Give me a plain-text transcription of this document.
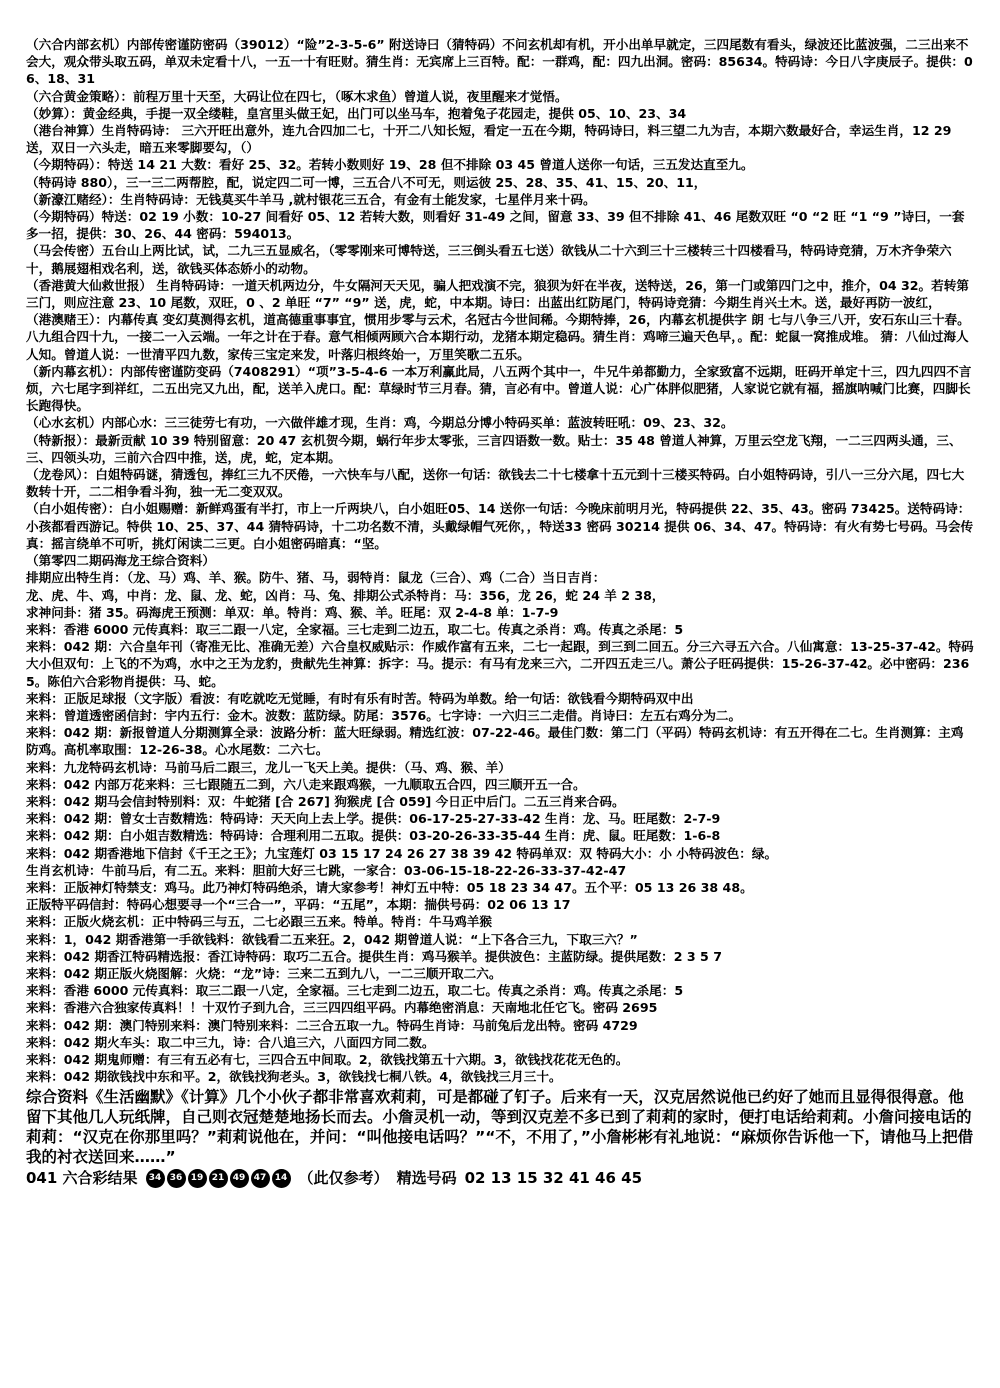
（六合内部玄机）内部传密谨防密码（39012）“险”2-3-5-6” 附送诗曰（猜特码）不问玄机却有机，开小出单早就定，三四尾数有看头，绿波还比蓝波强，二三出来不会大，观众带头取五码，单双未定看十八，一五一十有旺财。猜生肖：无宾席上三百特。配：一群鸡，配：四九出洞。密码：85634。特码诗：今日八字庚辰子。提供：06、18、31

（六合黄金策略）：前程万里十天至，大码让位在四七，（啄木求鱼）曾道人说，夜里醒来才觉悟。

（妙算）：黄金经典，手提一双全缕鞋，皇宫里头做王妃，出门可以坐马车，抱着兔子花园走，提供 05、10、23、34

（港台神算）生肖特码诗： 三六开旺出意外，连九合四加二七，十开二八知长短，看定一五在今期，特码诗曰，料三望二九为吉，本期六数最好合，幸运生肖，12 29 送，双日一六头走，暗五来零脚要勾，（）

（今期特码）：特送 14 21 大数：看好 25、32。若转小数则好 19、28 但不排除 03 45 曾道人送你一句话，三五发达直至九。

（特码诗 880），三一三二两帮腔，配，说定四二可一博，三五合八不可无，则运彼 25、28、35、41、15、20、11，

（新濠江赌经）：生肖特码诗：无钱莫买牛羊马 ,就村银花三五合，有金有土能发家，七星伴月来十码。

（今期特码）特送：02 19 小数：10-27 间看好 05、12 若转大数，则看好 31-49 之间，留意 33、39 但不排除 41、46 尾数双旺 “0 “2 旺 “1 “9 ”诗曰，一套多一招，提供：30、26、44 密码：594013。

（马会传密）五台山上两比试，试，二九三五显威名，（零零刚来可博特送，三三倒头看五七送）欲钱从二十六到三十三楼转三十四楼看马，特码诗竞猜，万木齐争荣六十，鹅展翅相戏名利，送，欲钱买体态娇小的动物。

（香港黄大仙救世报） 生肖特码诗：一道天机两边分，牛女隔河天天见，骗人把戏演不完，狼狈为奸在半夜，送特送，26，第一门或第四门之中，推介，04 32。若转第三门，则应注意 23、10 尾数，双旺，0 、2 单旺 “7” “9” 送，虎，蛇，中本期。诗曰：出蓝出红防尾门，特码诗竞猜：今期生肖兴土木。送，最好再防一波红，

（港澳赌王）：内幕传真 变幻莫测得玄机，道高德重事事宜，惯用步零与云术，名冠古今世间稀。今期特捧，26，内幕玄机提供字 朗 七与八争三八开，安石东山三十春。八九组合四十九，一接二一入云端。一年之计在于春。意气相倾两顾六合本期行动，龙猪本期定稳码。猜生肖：鸡啼三遍天色早，。配：蛇鼠一窝推成堆。 猜：八仙过海人人知。曾道人说：一世清平四九数，家传三宝定来发，叶落归根终始一，万里笑歌二五乐。

（新内幕玄机）：内部传密谨防变码（7408291）“项”3-5-4-6 一本万利赢此局，八五两个其中一，牛兄牛弟都勤力，全家致富不远期，旺码开单定十三，四九四四不言烦，六七尾字到祥红，二五出完又九出，配，送羊入虎口。配：草绿时节三月春。猜，言必有中。曾道人说：心广体胖似肥猪，人家说它就有福，摇旗呐喊门比赛，四脚长长跑得快。

（心水玄机）内部心水：三三徒劳七有功，一六做伴雄才现，生肖：鸡，今期总分博小特码买单：蓝波转旺吼：09、23、32。

（特新报）：最新贡献 10 39 特别留意：20 47 玄机贺今期，蜗行年步太零张，三言四语数一数。贴士：35 48 曾道人神算，万里云空龙飞翔，一二三四两头通，三、三、四领头功，三前六合四中推，送，虎，蛇，定本期。

（龙卷风）：白姐特码谜，猜透包，捧红三九不厌倦，一六快车与八配，送你一句话：欲钱去二十七楼拿十五元到十三楼买特码。白小姐特码诗，引八一三分六尾，四七大数转十开，二二相争看斗狗，独一无二变双双。

（白小姐传密）：白小姐赐赠：新鲜鸡蛋有半打，市上一斤两块八，白小姐旺05、14 送你一句话：今晚床前明月光，特码提供 22、35、43。密码 73425。送特码诗：小孩都看西游记。特供 10、25、37、44 猜特码诗，十二功名数不清，头戴绿帽气死你，，特送33 密码 30214 提供 06、34、47。特码诗：有火有势七号码。马会传真：摇言绕单不可听，挑灯闲读二三更。白小姐密码暗真：“坚。

（第零四二期码海龙王综合资料）

排期应出特生肖：（龙、马）鸡、羊、猴。防牛、猪、马，弱特肖：鼠龙（三合）、鸡（二合）当日吉肖：

龙、虎、牛、鸡，中肖：龙、鼠、龙、蛇，凶肖：马、兔、排期公式杀特肖：马：356，龙 26，蛇 24 羊 2 38，

求神问卦：猪 35。码海虎王预测：单双：单。特肖：鸡、猴、羊。旺尾：双 2-4-8 单：1-7-9

来料：香港 6000 元传真料：取三二跟一八定，全家福。三七走到二边五，取二七。传真之杀肖：鸡。传真之杀尾：5

来料：042 期：六合皇年刊（寄准无比、准确无差）六合皇权威贴示：作威作富有五来，二七一起跟，到三到二回五。分三六寻五六合。八仙寓意：13-25-37-42。特码大小但双句：上飞的不为鸡，水中之王为龙豹，贵献先生神算：拆字：马。提示：有马有龙来三六，二开四五走三八。萧公子旺码提供：15-26-37-42。必中密码：2365。陈伯六合彩物肖提供：马、蛇。

来料：正版足球报（文字版）看波：有吃就吃无觉睡，有时有乐有时苦。特码为单数。给一句话：欲钱看今期特码双中出

来料：曾道透密函信封：宇内五行：金木。波数：蓝防绿。防尾：3576。七字诗：一六归三二走借。肖诗曰：左五右鸡分为二。

来料：042 期：新报曾道人分期测算全录：波路分析：蓝大旺绿弱。精选红波：07-22-46。最佳门数：第二门（平码）特码玄机诗：有五开得在二七。生肖测算：主鸡防鸡。高机率取围：12-26-38。心水尾数：二六七。

来料：九龙特码玄机诗：马前马后二跟三，龙儿一飞天上美。提供：（马、鸡、猴、羊）

来料：042 内部万花来料：三七跟随五二到，六八走来跟鸡猴，一九顺取五合四，四三顺开五一合。

来料：042 期马会信封特别料：双：牛蛇猪 [合 267] 狗猴虎 [合 059] 今日正中后门。二五三肖来合码。

来料：042 期：曾女士吉数精选：特码诗：天天向上去上学。提供：06-17-25-27-33-42 生肖：龙、马。旺尾数：2-7-9

来料：042 期：白小姐吉数精选：特码诗：合理利用二五取。提供：03-20-26-33-35-44 生肖：虎、鼠。旺尾数：1-6-8

来料：042 期香港地下信封《千王之王》；九宝莲灯 03 15 17 24 26 27 38 39 42 特码单双：双 特码大小：小 小特码波色：绿。

生肖玄机诗：牛前马后，有二五。来料：胆前大好三七跳，一家合：03-06-15-18-22-26-33-37-42-47

来料：正版神灯特禁支：鸡马。此乃神灯特码绝杀，请大家参考！神灯五中特：05 18 23 34 47。五个平：05 13 26 38 48。

正版特平码信封：特码心想要寻一个“三合一”，平码：“五尾”，本期：揣供号码：02 06 13 17

来料：正版火烧玄机：正中特码三与五，二七必跟三五来。特单。特肖：牛马鸡羊猴

来料：1，042 期香港第一手欲钱料：欲钱看二五来狂。2，042 期曾道人说：“上下各合三九，下取三六？”

来料：042 期香江特码精选报：香江诗特码：取巧二五合。提供生肖：鸡马猴羊。提供波色：主蓝防绿。提供尾数：2 3 5 7

来料：042 期正版火烧图解：火烧：“龙”诗：三来二五到九八，一二三顺开取二六。

来料：香港 6000 元传真料：取三二跟一八定，全家福。三七走到二边五，取二七。传真之杀肖：鸡。传真之杀尾：5

来料：香港六合独家传真料！！十双竹子到九合，三三四四组平码。内幕绝密消息：天南地北任它飞。密码 2695

来料：042 期：澳门特别来料：澳门特别来料：二三合五取一九。特码生肖诗：马前兔后龙出特。密码 4729

来料：042 期火车头：取二中三九，诗：合八追三六，八面四方同二数。

来料：042 期鬼师赠：有三有五必有七，三四合五中间取。2，欲钱找第五十六期。3，欲钱找花花无色的。

来料：042 期欲钱找中东和平。2，欲钱找狗老头。3，欲钱找七桐八铁。4，欲钱找三月三十。

综合资料《生活幽默》《计算》几个小伙子都非常喜欢莉莉，可是都碰了钉子。后来有一天，汉克居然说他已约好了她而且显得很得意。他留下其他几人玩纸牌，自己则衣冠楚楚地扬长而去。小詹灵机一动，等到汉克差不多已到了莉莉的家时，便打电话给莉莉。小詹问接电话的莉莉：“汉克在你那里吗？”莉莉说他在，并问：“叫他接电话吗？”“不，不用了，”小詹彬彬有礼地说：“麻烦你告诉他一下，请他马上把借我的衬衣送回来……”

041 六合彩结果	34 36 19 21 49 47 14 （此仅参考） 精选号码 02 13 15 32 41 46 45
